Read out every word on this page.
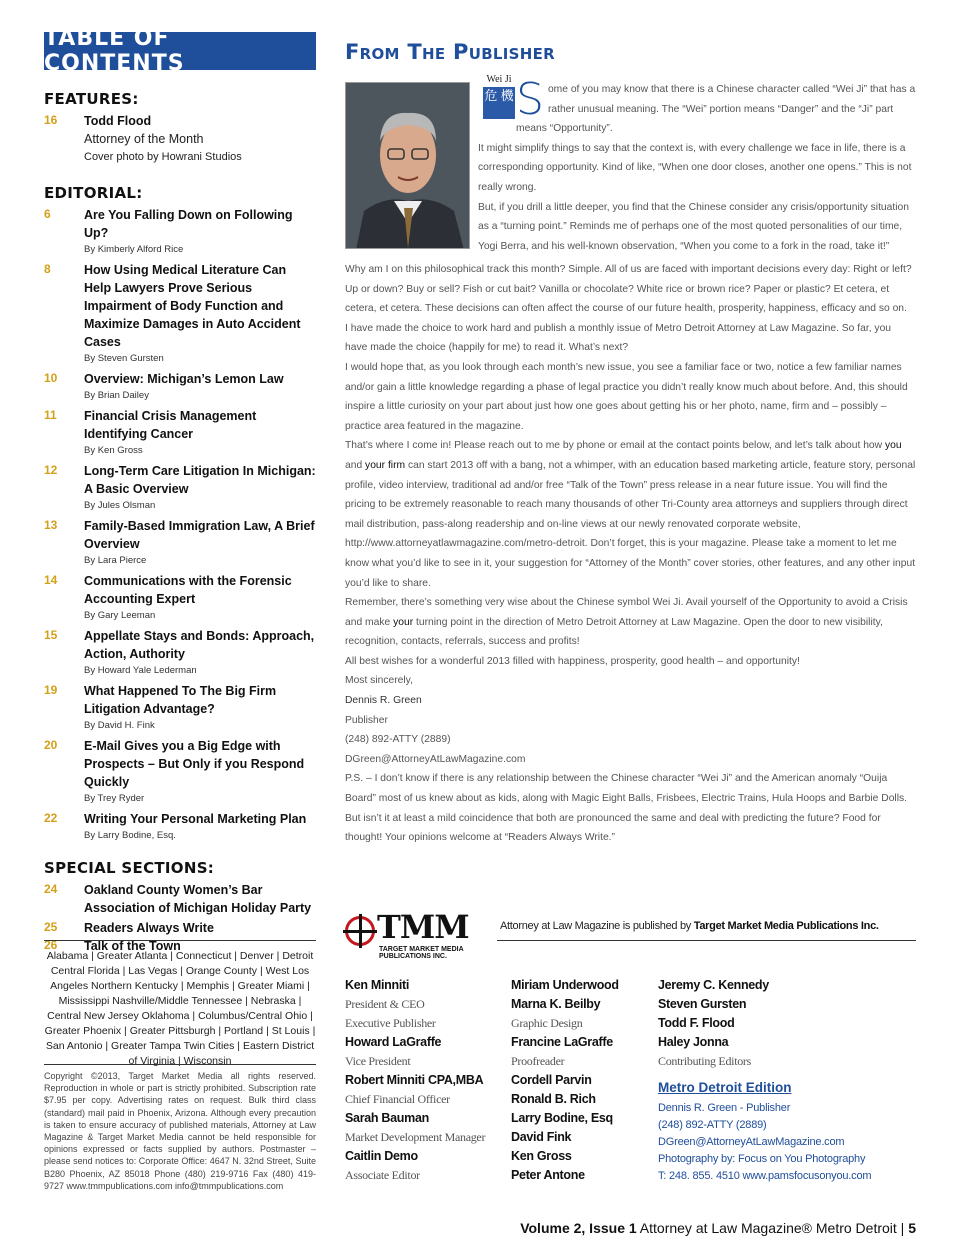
TABLE OF CONTENTS
FEATURES:
16	Todd Flood
Attorney of the Month
Cover photo by Howrani Studios
EDITORIAL:
6	Are You Falling Down on Following Up?
By Kimberly Alford Rice
8	How Using Medical Literature Can Help Lawyers Prove Serious Impairment of Body Function and Maximize Damages in Auto Accident Cases
By Steven Gursten
10	Overview: Michigan’s Lemon Law
By Brian Dailey
11	Financial Crisis Management Identifying Cancer
By Ken Gross
12	Long-Term Care Litigation In Michigan: A Basic Overview
By Jules Olsman
13	Family-Based Immigration Law, A Brief Overview
By Lara Pierce
14	Communications with the Forensic Accounting Expert
By Gary Leeman
15	Appellate Stays and Bonds: Approach, Action, Authority
By Howard Yale Lederman
19	What Happened To The Big Firm Litigation Advantage?
By David H. Fink
20	E-Mail Gives you a Big Edge with Prospects – But Only if you Respond Quickly
By Trey Ryder
22	Writing Your Personal Marketing Plan
By Larry Bodine, Esq.
SPECIAL SECTIONS:
24	Oakland County Women’s Bar Association of Michigan Holiday Party
25	Readers Always Write
26	Talk of the Town
Alabama | Greater Atlanta | Connecticut | Denver | Detroit Central Florida | Las Vegas | Orange County | West Los Angeles Northern Kentucky | Memphis | Greater Miami | Mississippi Nashville/Middle Tennessee | Nebraska | Central New Jersey Oklahoma | Columbus/Central Ohio | Greater Phoenix | Greater Pittsburgh | Portland | St Louis | San Antonio | Greater Tampa Twin Cities | Eastern District of Virginia | Wisconsin
Copyright ©2013, Target Market Media all rights reserved. Reproduction in whole or part is strictly prohibited. Subscription rate $7.95 per copy. Advertising rates on request. Bulk third class (standard) mail paid in Phoenix, Arizona. Although every precaution is taken to ensure accuracy of published materials, Attorney at Law Magazine & Target Market Media cannot be held responsible for opinions expressed or facts supplied by authors. Postmaster – please send notices to: Corporate Office: 4647 N. 32nd Street, Suite B280 Phoenix, AZ 85018 Phone (480) 219-9716 Fax (480) 419-9727 www.tmmpublications.com info@tmmpublications.com
From The Publisher
Wei Ji
危 機 S ome of you may know that there is a Chinese character called “Wei Ji” that has a rather unusual meaning. The “Wei” portion means “Danger” and the “Ji” part means “Opportunity”.

It might simplify things to say that the context is, with every challenge we face in life, there is a corresponding opportunity. Kind of like, “When one door closes, another one opens.” This is not really wrong.

But, if you drill a little deeper, you find that the Chinese consider any crisis/opportunity situation as a “turning point.” Reminds me of perhaps one of the most quoted personalities of our time, Yogi Berra, and his well-known observation, “When you come to a fork in the road, take it!”

Why am I on this philosophical track this month? Simple. All of us are faced with important decisions every day: Right or left? Up or down? Buy or sell? Fish or cut bait? Vanilla or chocolate? White rice or brown rice? Paper or plastic? Et cetera, et cetera, et cetera. These decisions can often affect the course of our future health, prosperity, happiness, efficacy and so on.

I have made the choice to work hard and publish a monthly issue of Metro Detroit Attorney at Law Magazine. So far, you have made the choice (happily for me) to read it. What’s next?

I would hope that, as you look through each month’s new issue, you see a familiar face or two, notice a few familiar names and/or gain a little knowledge regarding a phase of legal practice you didn’t really know much about before. And, this should inspire a little curiosity on your part about just how one goes about getting his or her photo, name, firm and – possibly – practice area featured in the magazine.

That’s where I come in! Please reach out to me by phone or email at the contact points below, and let’s talk about how you and your firm can start 2013 off with a bang, not a whimper, with an education based marketing article, feature story, personal profile, video interview, traditional ad and/or free “Talk of the Town” press release in a near future issue. You will find the pricing to be extremely reasonable to reach many thousands of other Tri-County area attorneys and suppliers through direct mail distribution, pass-along readership and on-line views at our newly renovated corporate website, http://www.attorneyatlawmagazine.com/metro-detroit. Don’t forget, this is your magazine. Please take a moment to let me know what you’d like to see in it, your suggestion for “Attorney of the Month” cover stories, other features, and any other input you’d like to share.

Remember, there’s something very wise about the Chinese symbol Wei Ji. Avail yourself of the Opportunity to avoid a Crisis and make your turning point in the direction of Metro Detroit Attorney at Law Magazine. Open the door to new visibility, recognition, contacts, referrals, success and profits!

All best wishes for a wonderful 2013 filled with happiness, prosperity, good health – and opportunity!

Most sincerely,

Dennis R. Green

Publisher

(248) 892-ATTY (2889)

DGreen@AttorneyAtLawMagazine.com

P.S. – I don’t know if there is any relationship between the Chinese character “Wei Ji” and the American anomaly “Ouija Board” most of us knew about as kids, along with Magic Eight Balls, Frisbees, Electric Trains, Hula Hoops and Barbie Dolls. But isn’t it at least a mild coincidence that both are pronounced the same and deal with predicting the future? Food for thought! Your opinions welcome at “Readers Always Write.”

TMM
TARGET MARKET MEDIA PUBLICATIONS INC.
Attorney at Law Magazine is published by Target Market Media Publications Inc.
Ken Minniti
President & CEO
Executive Publisher
Howard LaGraffe
Vice President
Robert Minniti CPA,MBA
Chief Financial Officer
Sarah Bauman
Market Development Manager
Caitlin Demo
Associate Editor
Miriam Underwood
Marna K. Beilby
Graphic Design
Francine LaGraffe
Proofreader
Cordell Parvin
Ronald B. Rich
Larry Bodine, Esq
David Fink
Ken Gross
Peter Antone
Jeremy C. Kennedy
Steven Gursten
Todd F. Flood
Haley Jonna
Contributing Editors
Metro Detroit Edition
Dennis R. Green - Publisher
(248) 892-ATTY (2889)
DGreen@AttorneyAtLawMagazine.com
Photography by: Focus on You Photography
T: 248. 855. 4510 www.pamsfocusonyou.com
Volume 2, Issue 1 Attorney at Law Magazine® Metro Detroit | 5
